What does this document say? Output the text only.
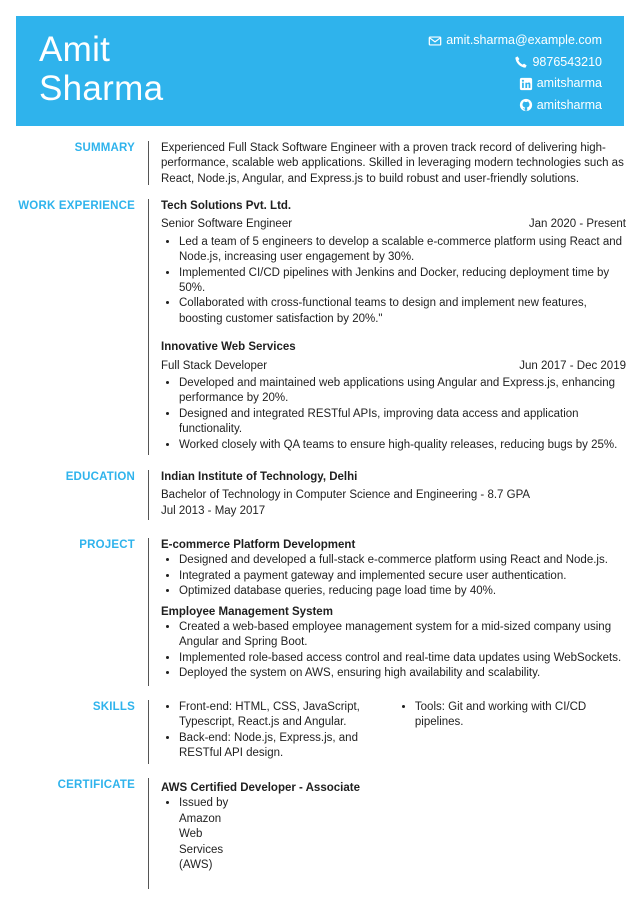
Amit
Sharma
amit.sharma@example.com
9876543210
amitsharma
amitsharma
SUMMARY Experienced Full Stack Software Engineer with a proven track record of delivering high-performance, scalable web applications. Skilled in leveraging modern technologies such as React, Node.js, Angular, and Express.js to build robust and user-friendly solutions.

WORK EXPERIENCE Tech Solutions Pvt. Ltd.
Senior Software Engineer	Jan 2020 - Present
• Led a team of 5 engineers to develop a scalable e-commerce platform using React and Node.js, increasing user engagement by 30%.
• Implemented CI/CD pipelines with Jenkins and Docker, reducing deployment time by 50%.
• Collaborated with cross-functional teams to design and implement new features, boosting customer satisfaction by 20%."
Innovative Web Services
Full Stack Developer	Jun 2017 - Dec 2019
• Developed and maintained web applications using Angular and Express.js, enhancing performance by 20%.
• Designed and integrated RESTful APIs, improving data access and application functionality.
• Worked closely with QA teams to ensure high-quality releases, reducing bugs by 25%.
EDUCATION Indian Institute of Technology, Delhi
Bachelor of Technology in Computer Science and Engineering - 8.7 GPA
Jul 2013 - May 2017
PROJECT E-commerce Platform Development
• Designed and developed a full-stack e-commerce platform using React and Node.js.
• Integrated a payment gateway and implemented secure user authentication.
• Optimized database queries, reducing page load time by 40%.
Employee Management System
• Created a web-based employee management system for a mid-sized company using Angular and Spring Boot.
• Implemented role-based access control and real-time data updates using WebSockets.
• Deployed the system on AWS, ensuring high availability and scalability.
SKILLS
•	Front-end: HTML, CSS, JavaScript, Typescript, React.js and Angular.
• Back-end: Node.js, Express.js, and RESTful API design.
• Tools: Git and working with CI/CD pipelines.
CERTIFICATE AWS Certified Developer - Associate
• Issued by Amazon Web Services (AWS)
